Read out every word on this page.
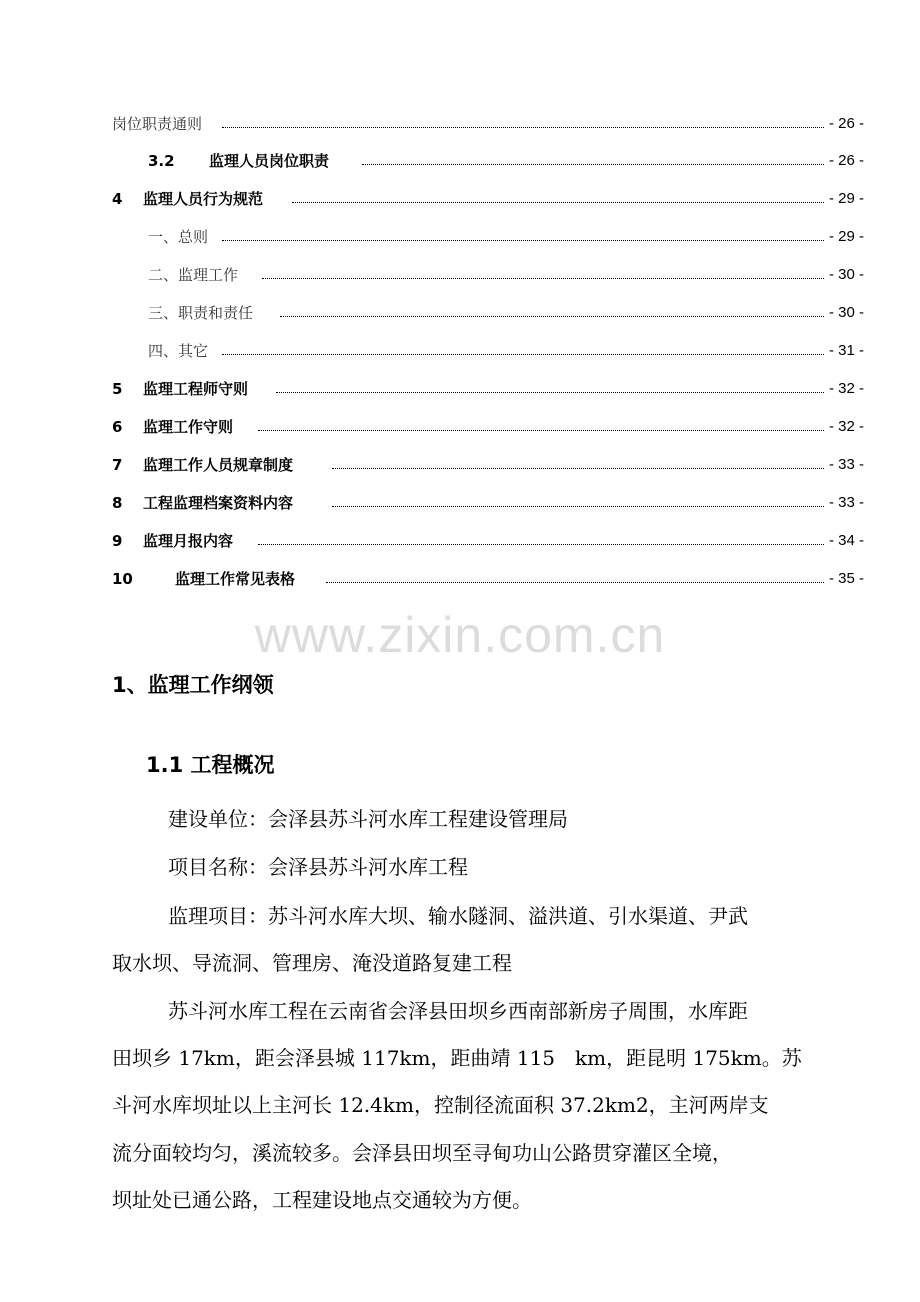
岗位职责通则	- 26 -
3.2 监理人员岗位职责	- 26 -
4 监理人员行为规范	- 29 -
一、总则	- 29 -
二、监理工作	- 30 -
三、职责和责任	- 30 -
四、其它	- 31 -
5 监理工程师守则	- 32 -
6 监理工作守则	- 32 -
7 监理工作人员规章制度	- 33 -
8 工程监理档案资料内容	- 33 -
9 监理月报内容	- 34 -
10	监理工作常见表格	- 35 -
www.zixin.com.cn
1、监理工作纲领
1.1 工程概况
建设单位：会泽县苏斗河水库工程建设管理局
项目名称：会泽县苏斗河水库工程
监理项目：苏斗河水库大坝、输水隧洞、溢洪道、引水渠道、尹武
取水坝、导流洞、管理房、淹没道路复建工程
苏斗河水库工程在云南省会泽县田坝乡西南部新房子周围，水库距
田坝乡 17km，距会泽县城 117km，距曲靖 115　km，距昆明 175km。苏
斗河水库坝址以上主河长 12.4km，控制径流面积 37.2km2，主河两岸支
流分面较均匀，溪流较多。会泽县田坝至寻甸功山公路贯穿灌区全境，
坝址处已通公路，工程建设地点交通较为方便。
